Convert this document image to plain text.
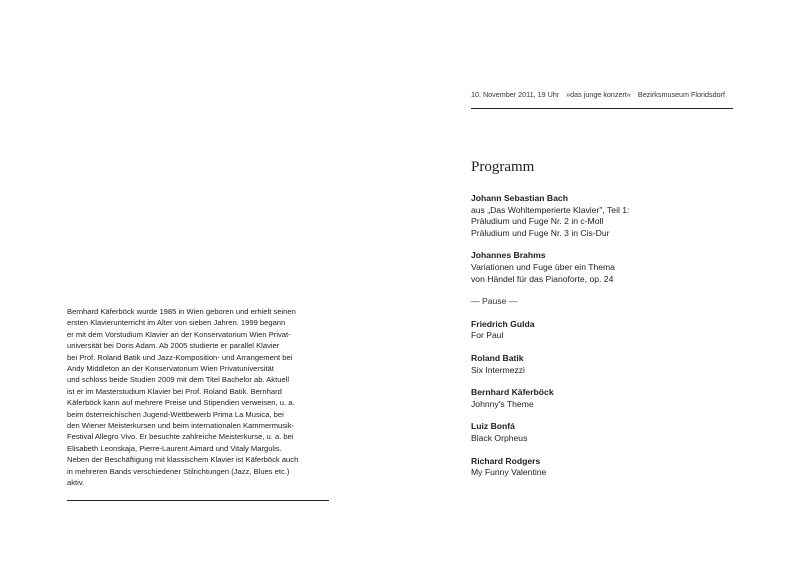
Bernhard Käferböck wurde 1985 in Wien geboren und erhielt seinen
ersten Klavierunterricht im Alter von sieben Jahren. 1999 begann
er mit dem Vorstudium Klavier an der Konservatorium Wien Privat-
universität bei Doris Adam. Ab 2005 studierte er parallel Klavier
bei Prof. Roland Batik und Jazz-Komposition- und Arrangement bei
Andy Middleton an der Konservatorium Wien Privatuniversität
und schloss beide Studien 2009 mit dem Titel Bachelor ab. Aktuell
ist er im Masterstudium Klavier bei Prof. Roland Batik. Bernhard
Käferböck kann auf mehrere Preise und Stipendien verweisen, u. a.
beim österreichischen Jugend-Wettbewerb Prima La Musica, bei
den Wiener Meisterkursen und beim internationalen Kammermusik-
Festival Allegro Vivo. Er besuchte zahlreiche Meisterkurse, u. a. bei
Elisabeth Leonskaja, Pierre-Laurent Aimard und Vitaly Margulis.
Neben der Beschäftigung mit klassischem Klavier ist Käferböck auch
in mehreren Bands verschiedener Stilrichtungen (Jazz, Blues etc.)
aktiv.
10. November 2011, 19 Uhr »das junge konzert« Bezirksmuseum Floridsdorf
Programm
Johann Sebastian Bach
aus „Das Wohltemperierte Klavier", Teil 1:
Präludium und Fuge Nr. 2 in c-Moll
Präludium und Fuge Nr. 3 in Cis-Dur
Johannes Brahms
Variationen und Fuge über ein Thema
von Händel für das Pianoforte, op. 24
— Pause —
Friedrich Gulda
For Paul
Roland Batik
Six Intermezzi
Bernhard Käferböck
Johnny's Theme
Luiz Bonfá
Black Orpheus
Richard Rodgers
My Funny Valentine
